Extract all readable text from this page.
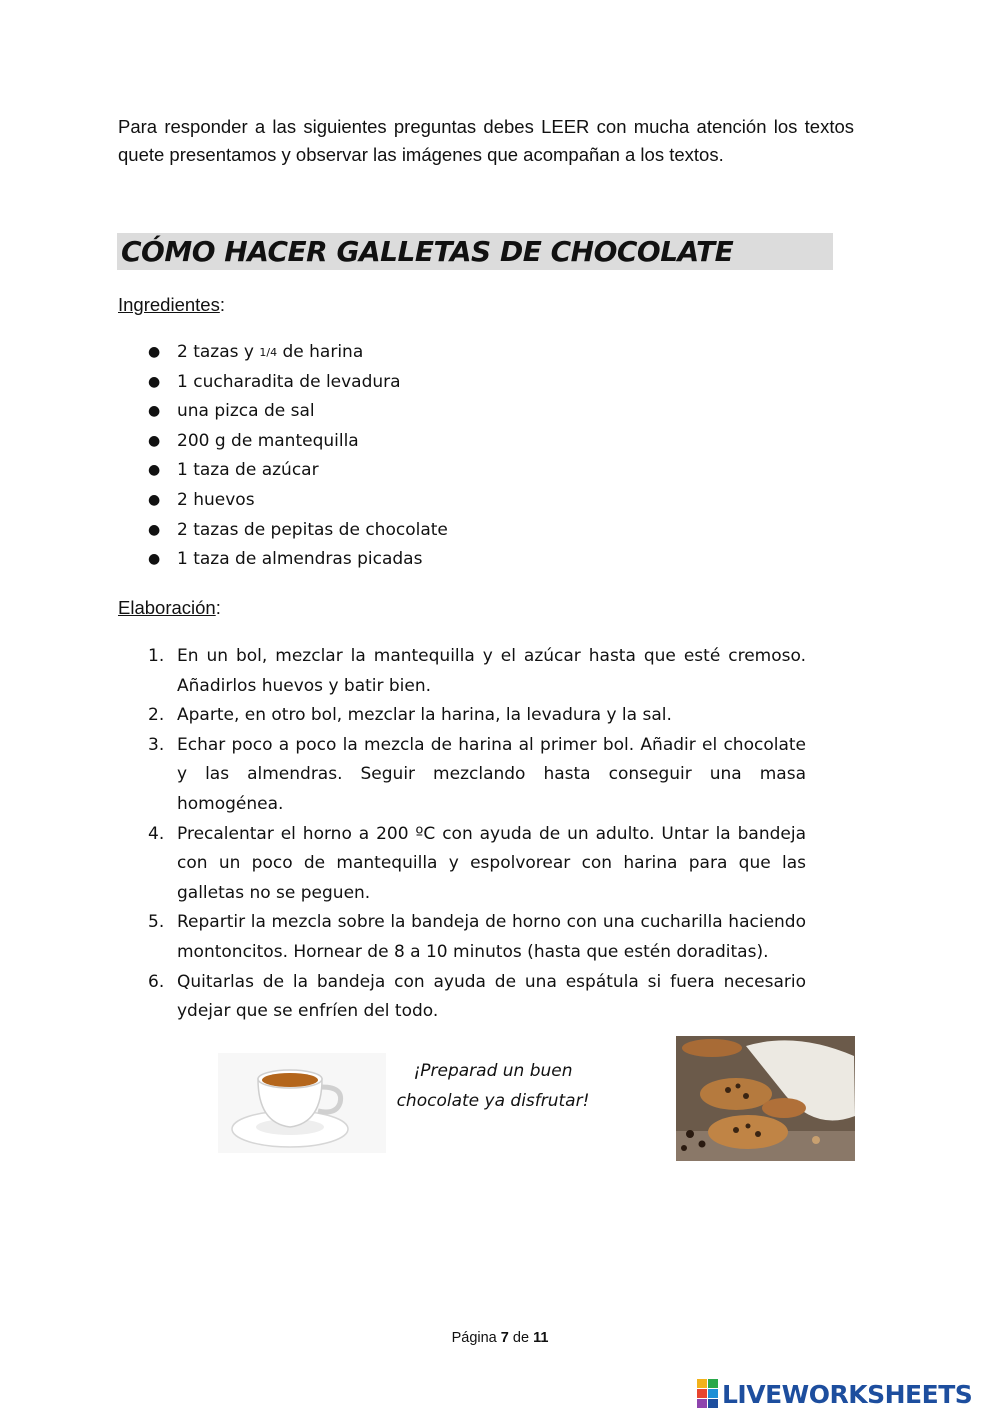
Para responder a las siguientes preguntas debes LEER con mucha atención los textos quete presentamos y observar las imágenes que acompañan a los textos.

CÓMO HACER GALLETAS DE CHOCOLATE

Ingredientes:

● 2 tazas y 1/4 de harina
● 1 cucharadita de levadura
● una pizca de sal
● 200 g de mantequilla
● 1 taza de azúcar
● 2 huevos
● 2 tazas de pepitas de chocolate
● 1 taza de almendras picadas

Elaboración:

1. En un bol, mezclar la mantequilla y el azúcar hasta que esté cremoso. Añadirlos huevos y batir bien.
2. Aparte, en otro bol, mezclar la harina, la levadura y la sal.
3. Echar poco a poco la mezcla de harina al primer bol. Añadir el chocolate y las almendras. Seguir mezclando hasta conseguir una masa homogénea.
4. Precalentar el horno a 200 ºC con ayuda de un adulto. Untar la bandeja con un poco de mantequilla y espolvorear con harina para que las galletas no se peguen.
5. Repartir la mezcla sobre la bandeja de horno con una cucharilla haciendo montoncitos. Hornear de 8 a 10 minutos (hasta que estén doraditas).
6. Quitarlas de la bandeja con ayuda de una espátula si fuera necesario ydejar que se enfríen del todo.

¡Preparad un buen
chocolate ya disfrutar!

Página 7 de 11

LIVEWORKSHEETS
